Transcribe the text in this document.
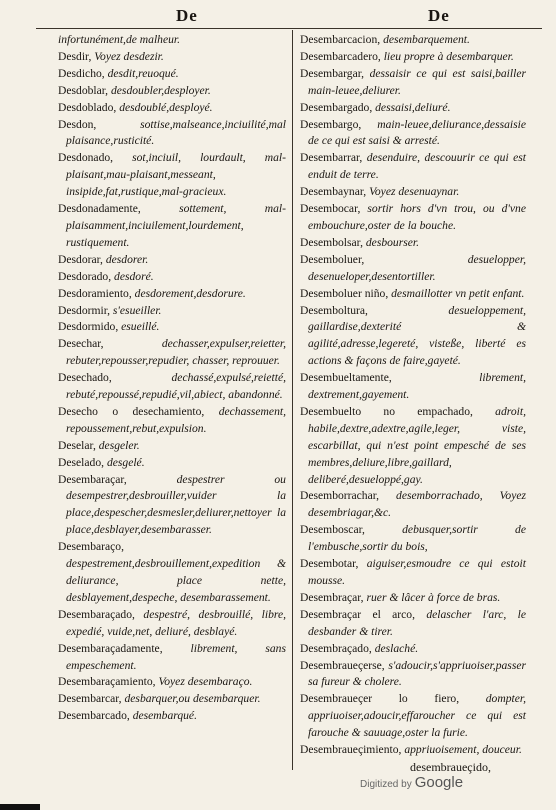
De	De
infortunément,de malheur.
Desdir, Voyez desdezir.
Desdicho, desdit,reuoqué.
Desdoblar, desdoubler,desployer.
Desdoblado, desdoublé,desployé.
Desdon, sottise,malseance,inciuilité,mal plaisance,rusticité.
Desdonado, sot,inciuil, lourdault, mal-plaisant,mau-plaisant,messeant, insipide,fat,rustique,mal-gracieux.
Desdonadamente, sottement, mal-plaisamment,inciuilement,lourdement, rustiquement.
Desdorar, desdorer.
Desdorado, desdoré.
Desdoramiento, desdorement,desdorure.
Desdormir, s'esueiller.
Desdormido, esueillé.
Desechar, dechasser,expulser,reietter, rebuter,repousser,repudier, chasser, reprouuer.
Desechado, dechassé,expulsé,reietté, rebuté,repoussé,repudié,vil,abiect, abandonné.
Desecho o desechamiento, dechassement, repoussement,rebut,expulsion.
Deselar, desgeler.
Deselado, desgelé.
Desembaraçar, despestrer ou desempestrer,desbrouiller,vuider la place,despescher,desmesler,deliurer,nettoyer la place,desblayer,desembarasser.
Desembaraço, despestrement,desbrouillement,expedition & deliurance, place nette, desblayement,despeche, desembarassement.
Desembaraçado, despestré, desbrouillé, libre, expedié, vuide,net, deliuré, desblayé.
Desembaraçadamente, librement, sans empeschement.
Desembaraçamiento, Voyez desembaraço.
Desembarcar, desbarquer,ou desembarquer.
Desembarcado, desembarqué.
Desembarcacion, desembarquement.
Desembarcadero, lieu propre à desembarquer.
Desembargar, dessaisir ce qui est saisi,bailler main-leuee,deliurer.
Desembargado, dessaisi,deliuré.
Desembargo, main-leuee,deliurance,dessaisie de ce qui est saisi & arresté.
Desembarrar, desenduire, descouurir ce qui est enduit de terre.
Desembaynar, Voyez desenuaynar.
Desembocar, sortir hors d'vn trou, ou d'vne embouchure,oster de la bouche.
Desembolsar, desbourser.
Desemboluer, desuelopper, desenueloper,desentortiller.
Desemboluer niño, desmaillotter vn petit enfant.
Desemboltura, desueloppement, gaillardise,dexterité & agilité,adresse,legereté, visteße, liberté es actions & façons de faire,gayeté.
Desembueltamente, librement, dextrement,gayement.
Desembuelto no empachado, adroit, habile,dextre,adextre,agile,leger, viste, escarbillat, qui n'est point empesché de ses membres,deliure,libre,gaillard, deliberé,desueloppé,gay.
Desemborrachar, desemborrachado, Voyez desembriagar,&c.
Desemboscar, debusquer,sortir de l'embusche,sortir du bois,
Desembotar, aiguiser,esmoudre ce qui estoit mousse.
Desembraçar, ruer & lâcer à force de bras.
Desembraçar el arco, delascher l'arc, le desbander & tirer.
Desembraçado, deslaché.
Desembraueçerse, s'adoucir,s'appriuoiser,passer sa fureur & cholere.
Desembraueçer lo fiero, dompter, appriuoiser,adoucir,effaroucher ce qui est farouche & sauuage,oster la furie.
Desembraueçimiento, appriuoisement, douceur.
desembraueçido,
Digitized by Google
